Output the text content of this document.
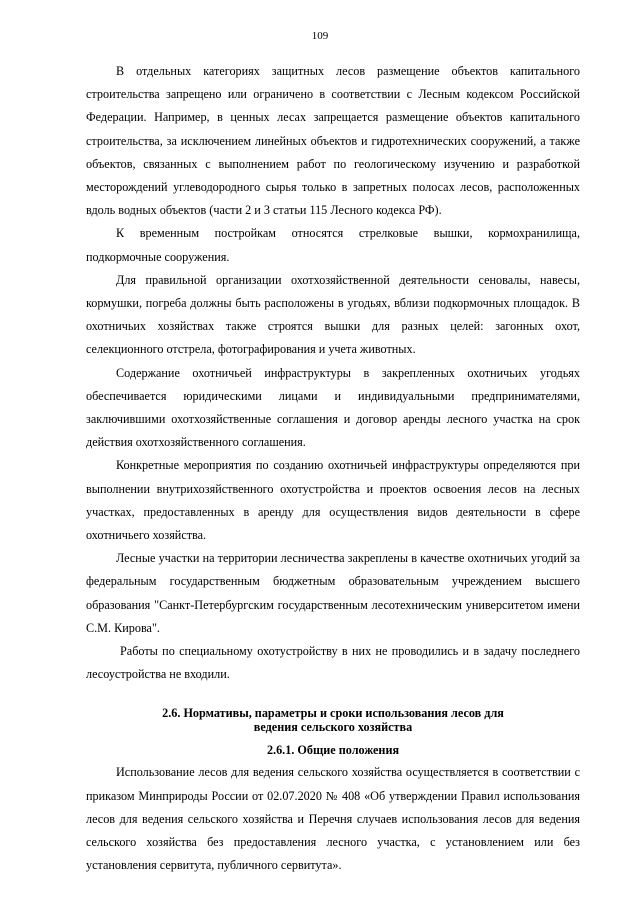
109

В отдельных категориях защитных лесов размещение объектов капитального строительства запрещено или ограничено в соответствии с Лесным кодексом Российской Федерации. Например, в ценных лесах запрещается размещение объектов капитального строительства, за исключением линейных объектов и гидротехнических сооружений, а также объектов, связанных с выполнением работ по геологическому изучению и разработкой месторождений углеводородного сырья только в запретных полосах лесов, расположенных вдоль водных объектов (части 2 и 3 статьи 115 Лесного кодекса РФ).

К временным постройкам относятся стрелковые вышки, кормохранилища, подкормочные сооружения.

Для правильной организации охотхозяйственной деятельности сеновалы, навесы, кормушки, погреба должны быть расположены в угодьях, вблизи подкормочных площадок. В охотничьих хозяйствах также строятся вышки для разных целей: загонных охот, селекционного отстрела, фотографирования и учета животных.

Содержание охотничьей инфраструктуры в закрепленных охотничьих угодьях обеспечивается юридическими лицами и индивидуальными предпринимателями, заключившими охотхозяйственные соглашения и договор аренды лесного участка на срок действия охотхозяйственного соглашения.

Конкретные мероприятия по созданию охотничьей инфраструктуры определяются при выполнении внутрихозяйственного охотустройства и проектов освоения лесов на лесных участках, предоставленных в аренду для осуществления видов деятельности в сфере охотничьего хозяйства.

Лесные участки на территории лесничества закреплены в качестве охотничьих угодий за федеральным государственным бюджетным образовательным учреждением высшего образования "Санкт-Петербургским государственным лесотехническим университетом имени С.М. Кирова".

Работы по специальному охотустройству в них не проводились и в задачу последнего лесоустройства не входили.

2.6. Нормативы, параметры и сроки использования лесов для
ведения сельского хозяйства
2.6.1. Общие положения

Использование лесов для ведения сельского хозяйства осуществляется в соответствии с приказом Минприроды России от 02.07.2020 № 408 «Об утверждении Правил использования лесов для ведения сельского хозяйства и Перечня случаев использования лесов для ведения сельского хозяйства без предоставления лесного участка, с установлением или без установления сервитута, публичного сервитута».
